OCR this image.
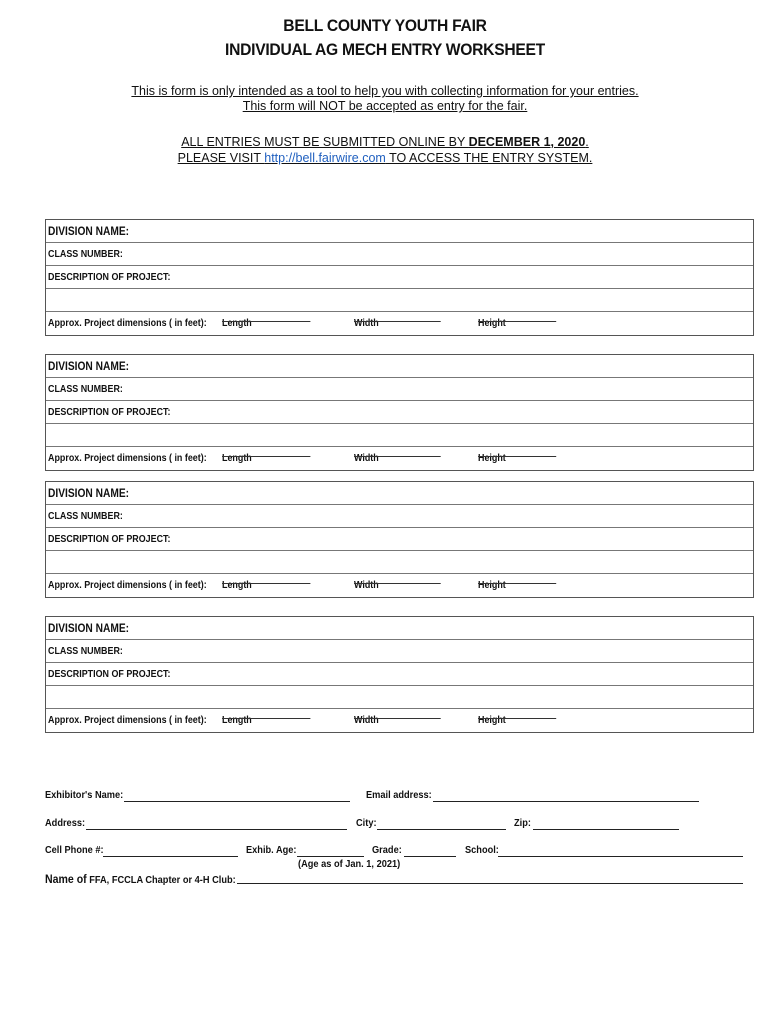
BELL COUNTY YOUTH FAIR
INDIVIDUAL AG MECH ENTRY WORKSHEET
This is form is only intended as a tool to help you with collecting information for your entries.
This form will NOT be accepted as entry for the fair.
ALL ENTRIES MUST BE SUBMITTED ONLINE BY DECEMBER 1, 2020.
PLEASE VISIT http://bell.fairwire.com TO ACCESS THE ENTRY SYSTEM.
DIVISION NAME:
CLASS NUMBER:
DESCRIPTION OF PROJECT:
Approx. Project dimensions ( in feet): Length	Width	Height
DIVISION NAME:
CLASS NUMBER:
DESCRIPTION OF PROJECT:
Approx. Project dimensions ( in feet): Length	Width	Height
DIVISION NAME:
CLASS NUMBER:
DESCRIPTION OF PROJECT:
Approx. Project dimensions ( in feet): Length	Width	Height
DIVISION NAME:
CLASS NUMBER:
DESCRIPTION OF PROJECT:
Approx. Project dimensions ( in feet): Length	Width	Height
Exhibitor's Name:	Email address:
Address:	City:	Zip:
Cell Phone #:	Exhib. Age:	Grade:	School:
(Age as of Jan. 1, 2021)
Name of FFA, FCCLA Chapter or 4-H Club:
